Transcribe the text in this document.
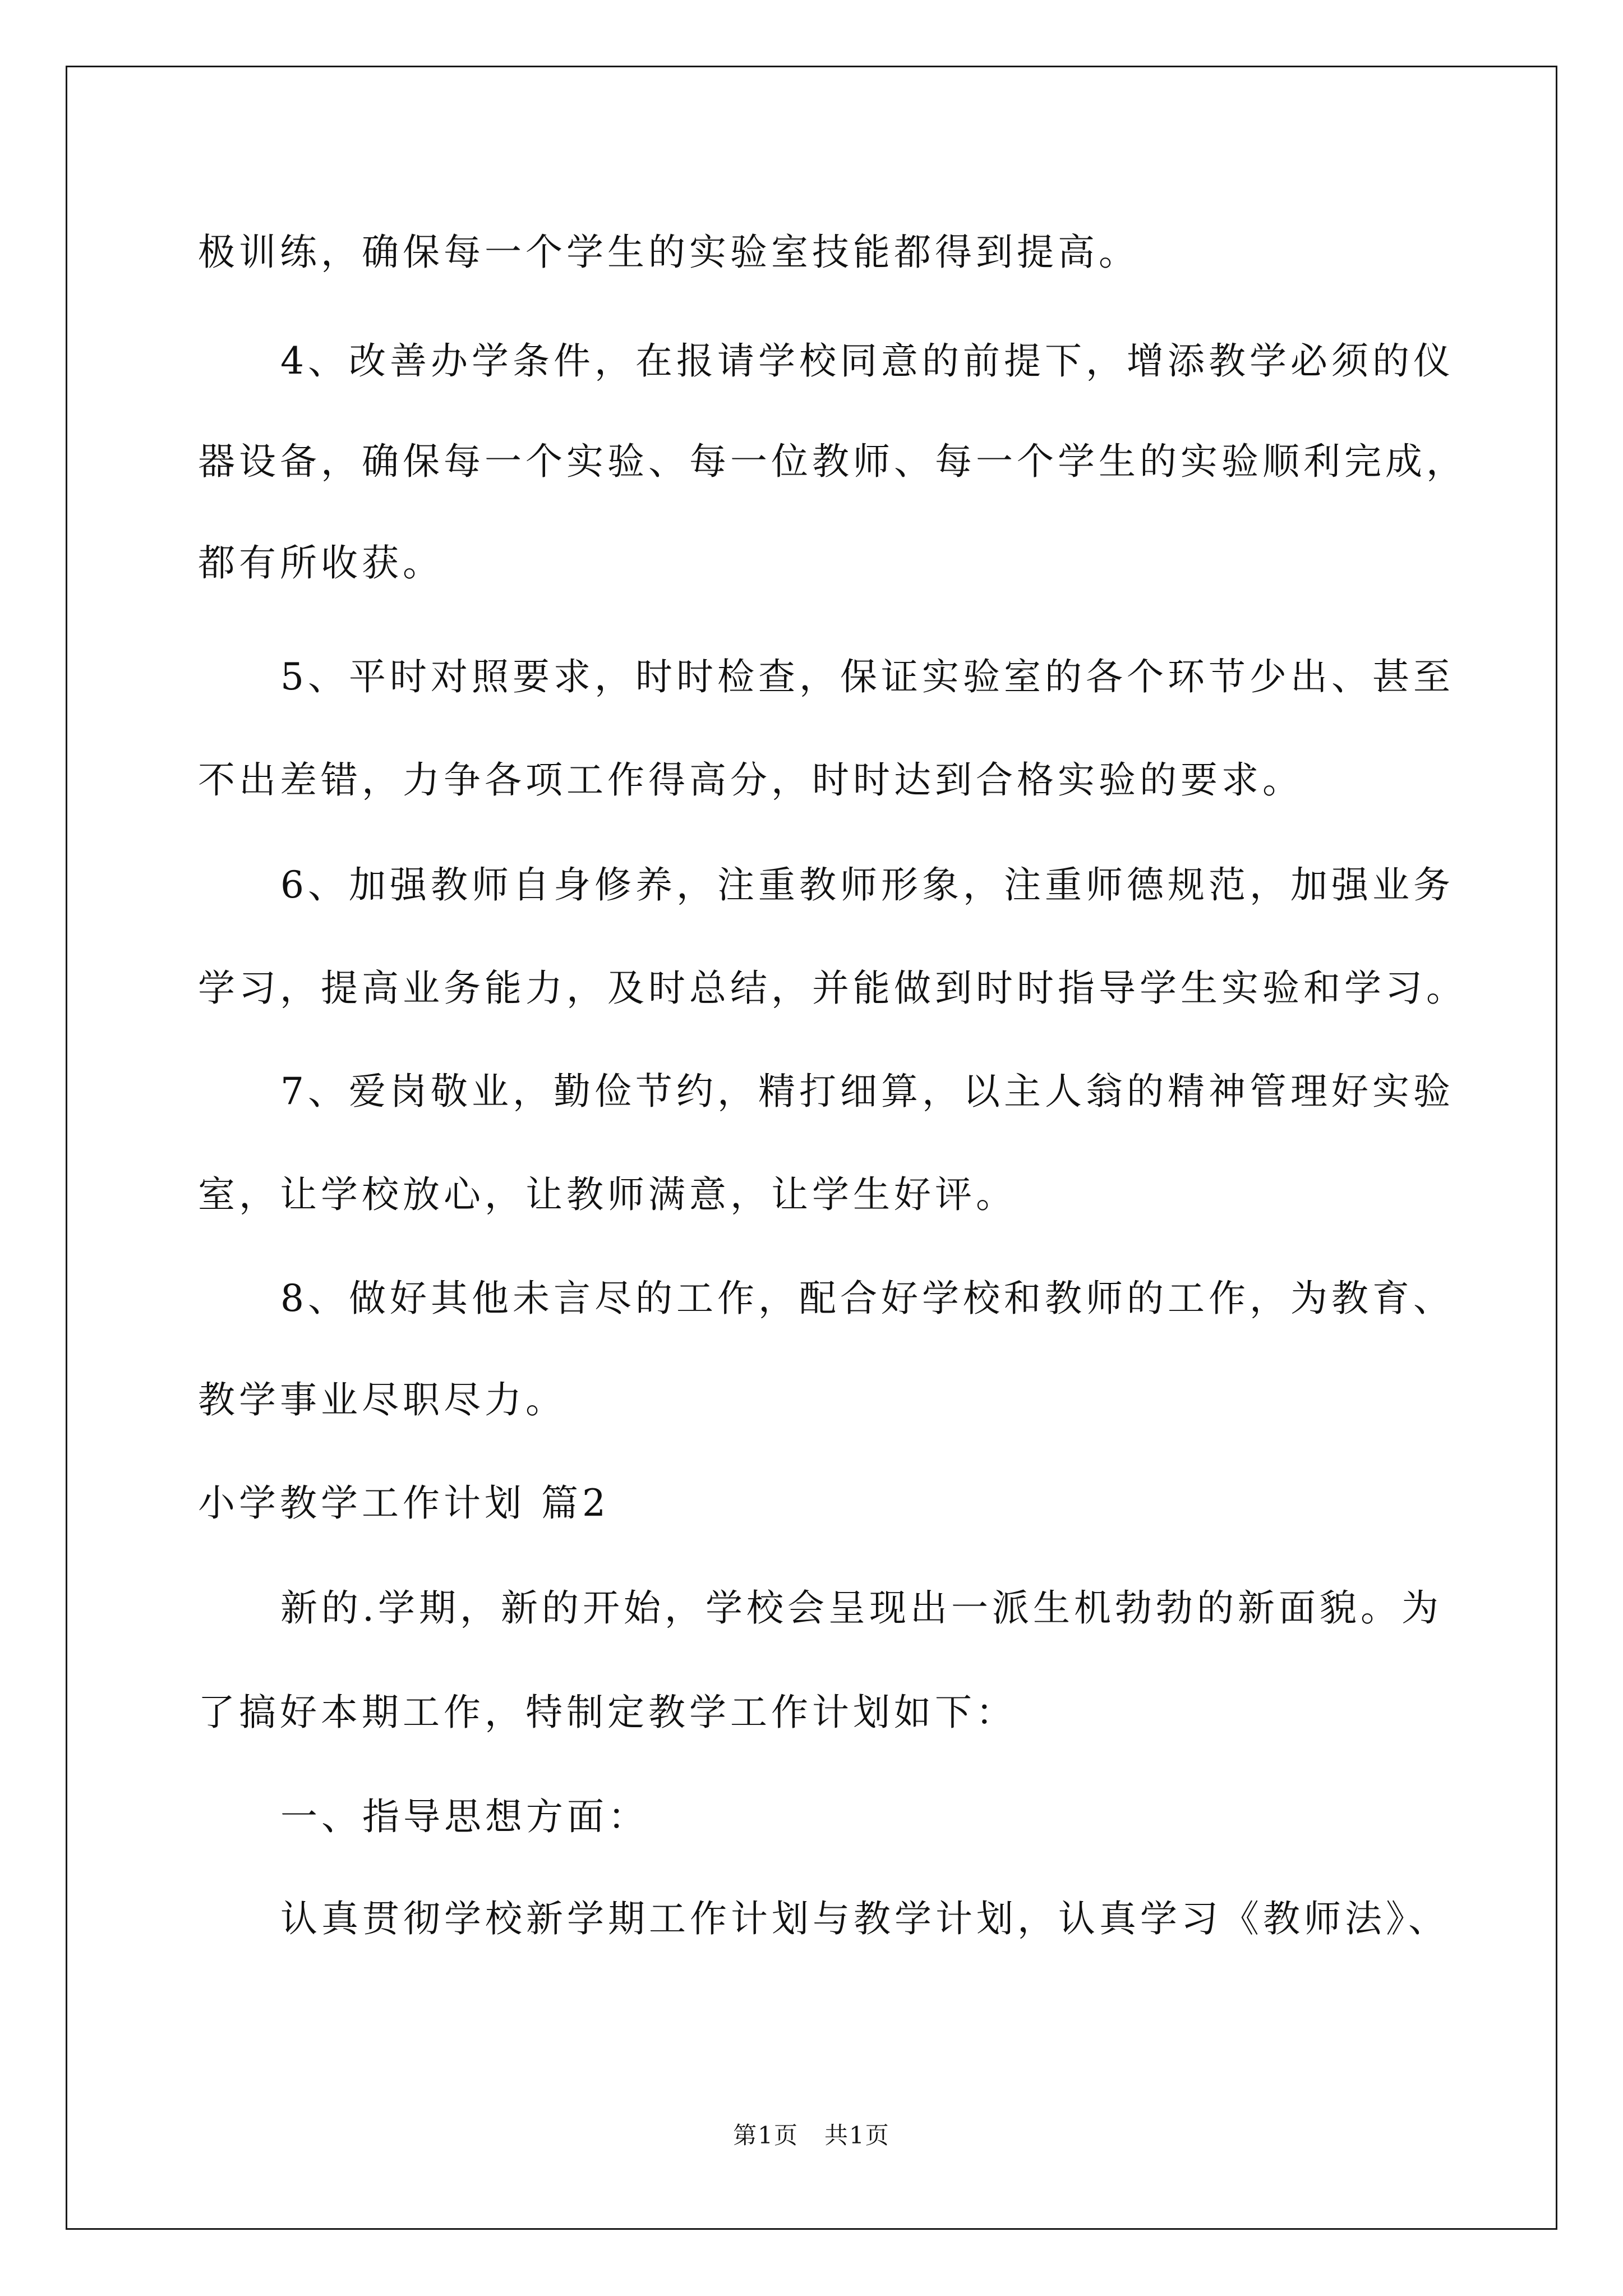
极训练，确保每一个学生的实验室技能都得到提高。
4、改善办学条件，在报请学校同意的前提下，增添教学必须的仪
器设备，确保每一个实验、每一位教师、每一个学生的实验顺利完成，
都有所收获。
5、平时对照要求，时时检查，保证实验室的各个环节少出、甚至
不出差错，力争各项工作得高分，时时达到合格实验的要求。
6、加强教师自身修养，注重教师形象，注重师德规范，加强业务
学习，提高业务能力，及时总结，并能做到时时指导学生实验和学习。
7、爱岗敬业，勤俭节约，精打细算，以主人翁的精神管理好实验
室，让学校放心，让教师满意，让学生好评。
8、做好其他未言尽的工作，配合好学校和教师的工作，为教育、
教学事业尽职尽力。
小学教学工作计划 篇2
新的.学期，新的开始，学校会呈现出一派生机勃勃的新面貌。为
了搞好本期工作，特制定教学工作计划如下：
一、指导思想方面：
认真贯彻学校新学期工作计划与教学计划，认真学习《教师法》、
第1页   共1页
